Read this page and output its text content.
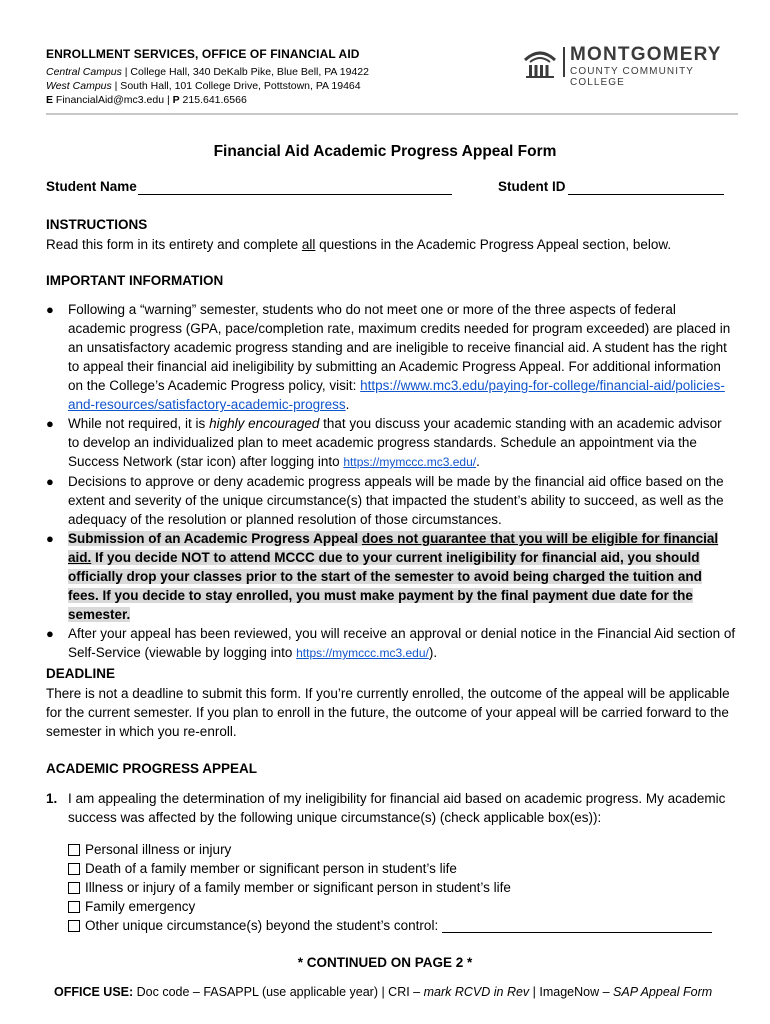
ENROLLMENT SERVICES, OFFICE OF FINANCIAL AID
Central Campus | College Hall, 340 DeKalb Pike, Blue Bell, PA 19422
West Campus | South Hall, 101 College Drive, Pottstown, PA 19464
E FinancialAid@mc3.edu | P 215.641.6566
MONTGOMERY
COUNTY COMMUNITY COLLEGE
Financial Aid Academic Progress Appeal Form
Student Name	Student ID
INSTRUCTIONS
Read this form in its entirety and complete all questions in the Academic Progress Appeal section, below.
IMPORTANT INFORMATION
●	Following a “warning” semester, students who do not meet one or more of the three aspects of federal academic progress (GPA, pace/completion rate, maximum credits needed for program exceeded) are placed in an unsatisfactory academic progress standing and are ineligible to receive financial aid. A student has the right to appeal their financial aid ineligibility by submitting an Academic Progress Appeal. For additional information on the College’s Academic Progress policy, visit: https://www.mc3.edu/paying-for-college/financial-aid/policies-and-resources/satisfactory-academic-progress.
●	While not required, it is highly encouraged that you discuss your academic standing with an academic advisor to develop an individualized plan to meet academic progress standards. Schedule an appointment via the Success Network (star icon) after logging into https://mymccc.mc3.edu/.
●	Decisions to approve or deny academic progress appeals will be made by the financial aid office based on the extent and severity of the unique circumstance(s) that impacted the student’s ability to succeed, as well as the adequacy of the resolution or planned resolution of those circumstances.
●	Submission of an Academic Progress Appeal does not guarantee that you will be eligible for financial aid. If you decide NOT to attend MCCC due to your current ineligibility for financial aid, you should officially drop your classes prior to the start of the semester to avoid being charged the tuition and fees. If you decide to stay enrolled, you must make payment by the final payment due date for the semester.
●	After your appeal has been reviewed, you will receive an approval or denial notice in the Financial Aid section of Self-Service (viewable by logging into https://mymccc.mc3.edu/).
DEADLINE
There is not a deadline to submit this form. If you’re currently enrolled, the outcome of the appeal will be applicable for the current semester. If you plan to enroll in the future, the outcome of your appeal will be carried forward to the semester in which you re-enroll.
ACADEMIC PROGRESS APPEAL
1. I am appealing the determination of my ineligibility for financial aid based on academic progress. My academic success was affected by the following unique circumstance(s) (check applicable box(es)):
Personal illness or injury
Death of a family member or significant person in student’s life
Illness or injury of a family member or significant person in student’s life
Family emergency
Other unique circumstance(s) beyond the student’s control:
* CONTINUED ON PAGE 2 *
OFFICE USE: Doc code – FASAPPL (use applicable year) | CRI – mark RCVD in Rev | ImageNow – SAP Appeal Form
